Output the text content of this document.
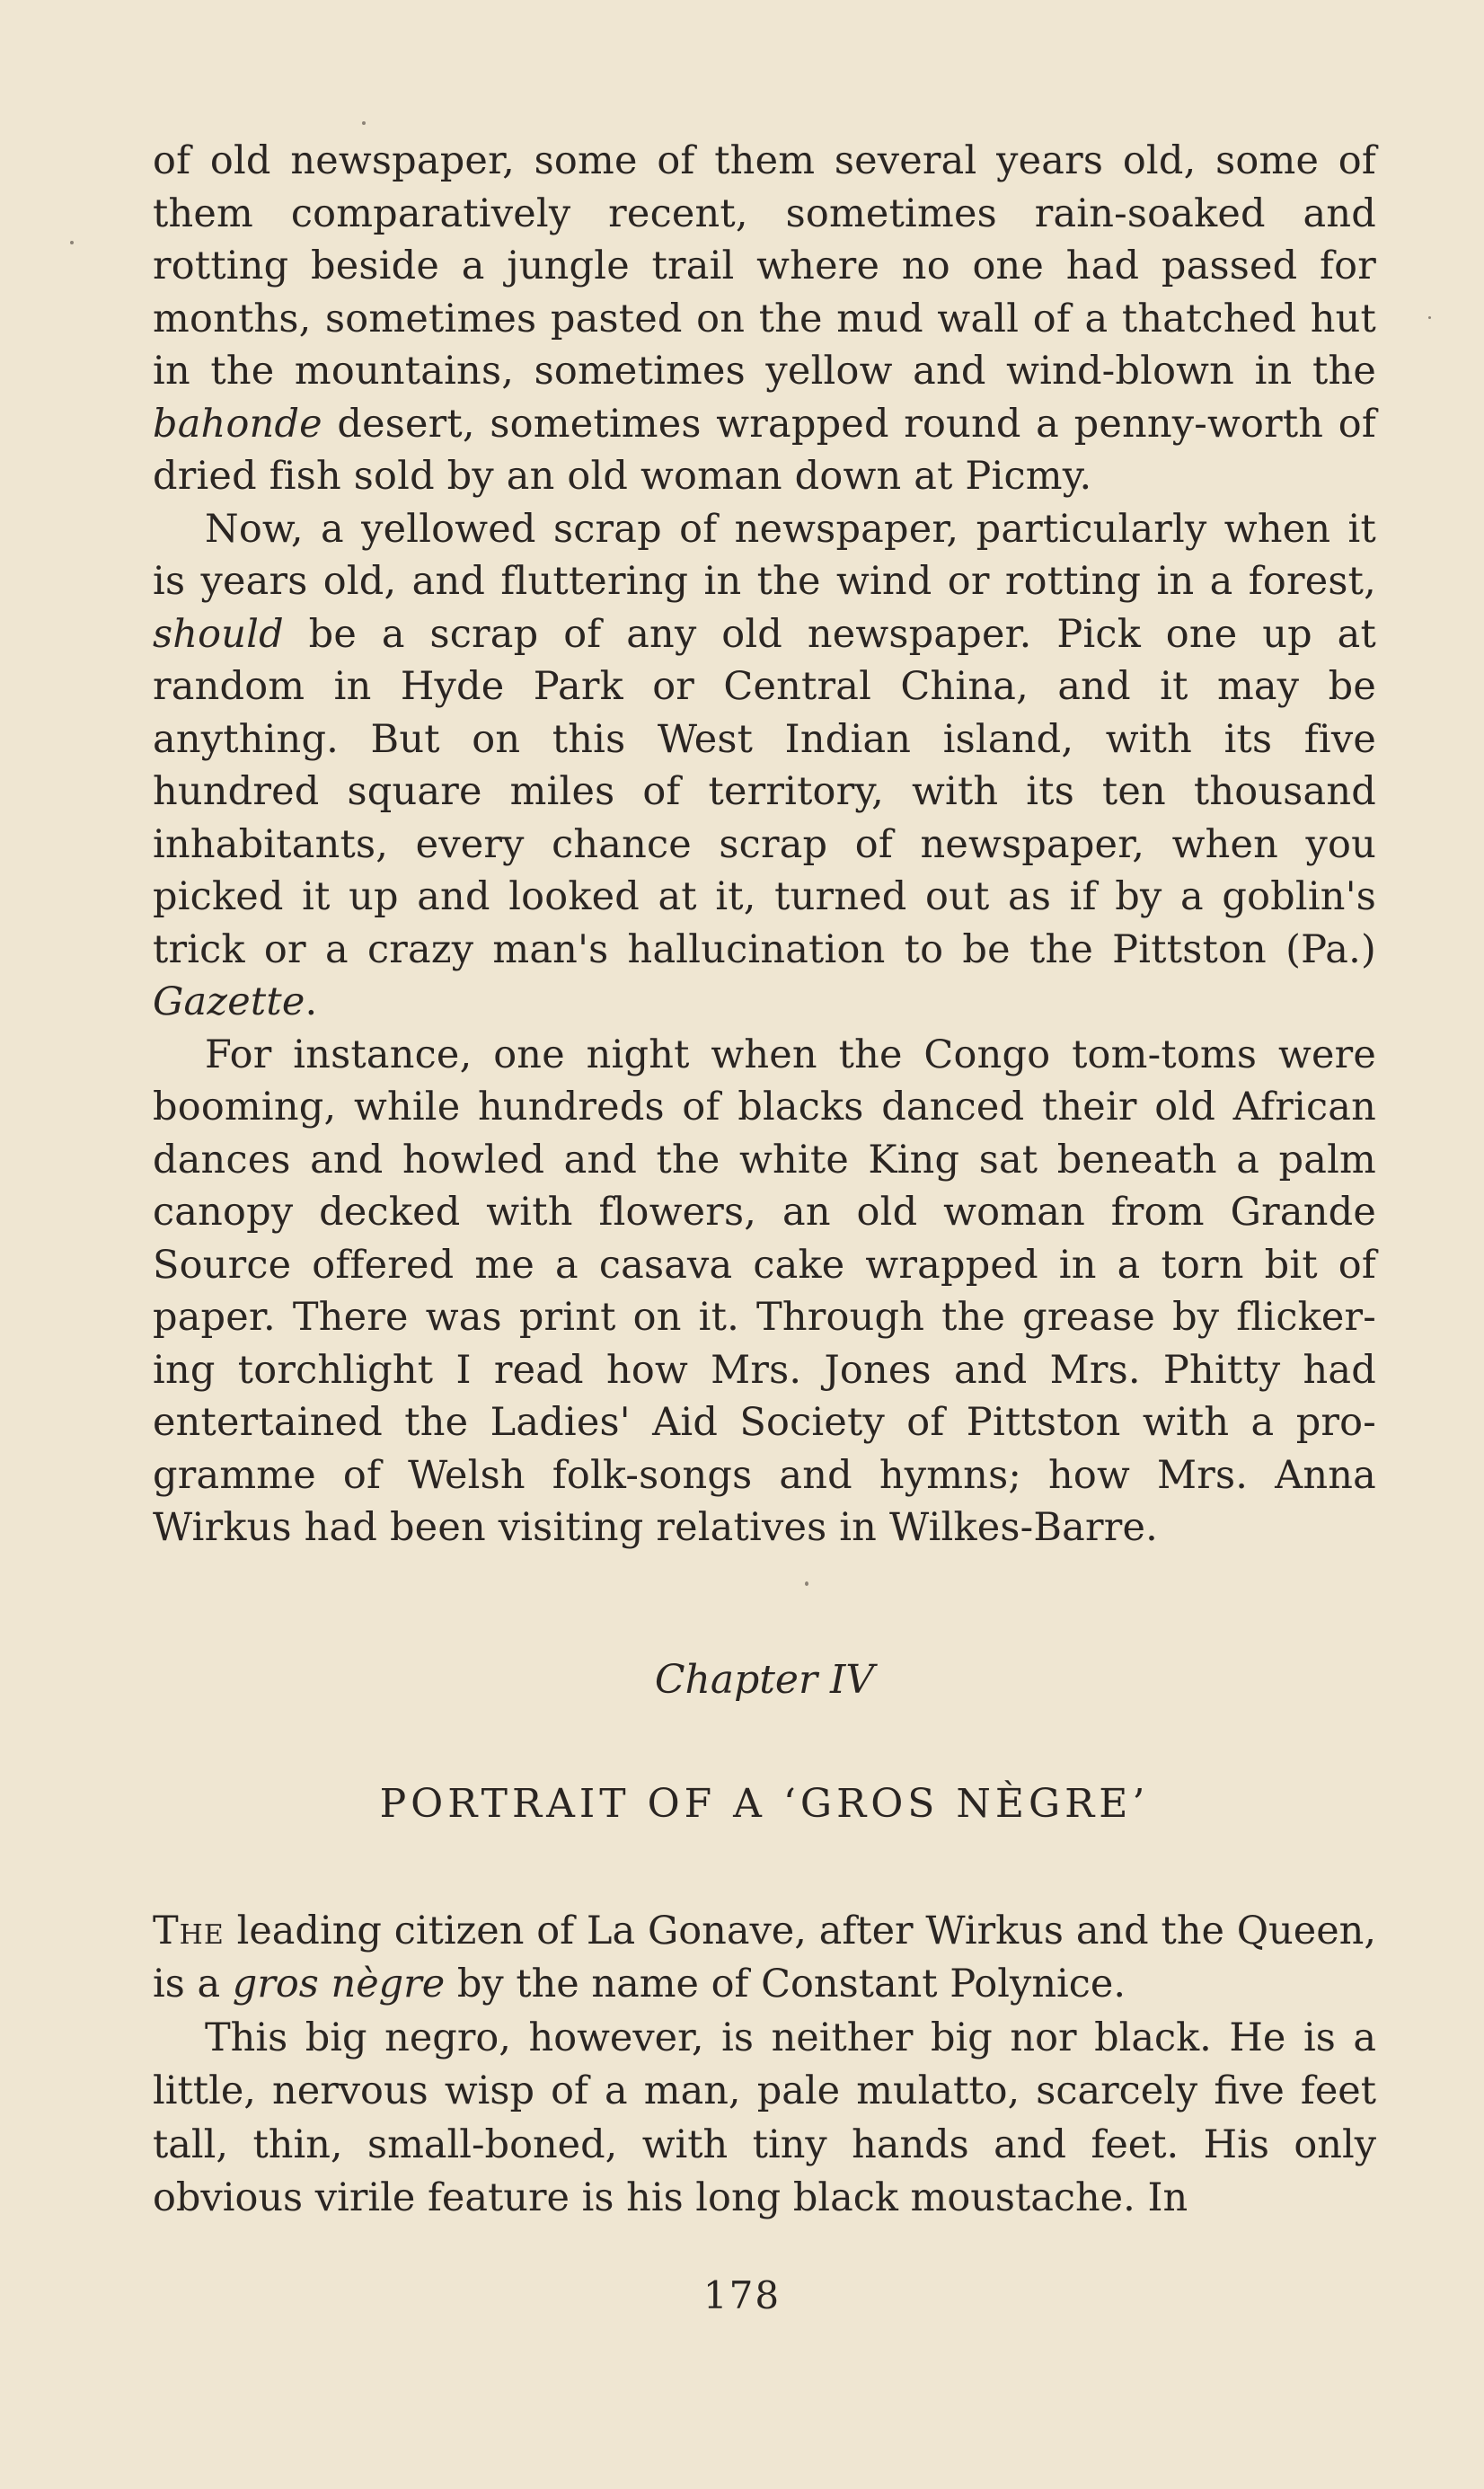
of old newspaper, some of them several years old, some of them comparatively recent, sometimes rain-soaked and rotting beside a jungle trail where no one had passed for months, sometimes pasted on the mud wall of a thatched hut in the mountains, sometimes yellow and wind-blown in the bahonde desert, sometimes wrapped round a penny-worth of dried fish sold by an old woman down at Picmy.

Now, a yellowed scrap of newspaper, particularly when it is years old, and fluttering in the wind or rotting in a forest, should be a scrap of any old newspaper. Pick one up at random in Hyde Park or Central China, and it may be anything. But on this West Indian island, with its five hundred square miles of territory, with its ten thousand inhabitants, every chance scrap of newspaper, when you picked it up and looked at it, turned out as if by a goblin's trick or a crazy man's hallucination to be the Pittston (Pa.) Gazette.

For instance, one night when the Congo tom-toms were booming, while hundreds of blacks danced their old African dances and howled and the white King sat beneath a palm canopy decked with flowers, an old woman from Grande Source offered me a casava cake wrapped in a torn bit of paper. There was print on it. Through the grease by flicker-ing torchlight I read how Mrs. Jones and Mrs. Phitty had entertained the Ladies' Aid Society of Pittston with a pro-gramme of Welsh folk-songs and hymns; how Mrs. Anna Wirkus had been visiting relatives in Wilkes-Barre.

Chapter IV
PORTRAIT OF A ‘GROS NÈGRE’

The leading citizen of La Gonave, after Wirkus and the Queen, is a gros nègre by the name of Constant Polynice.

This big negro, however, is neither big nor black. He is a little, nervous wisp of a man, pale mulatto, scarcely five feet tall, thin, small-boned, with tiny hands and feet. His only obvious virile feature is his long black moustache. In

178
